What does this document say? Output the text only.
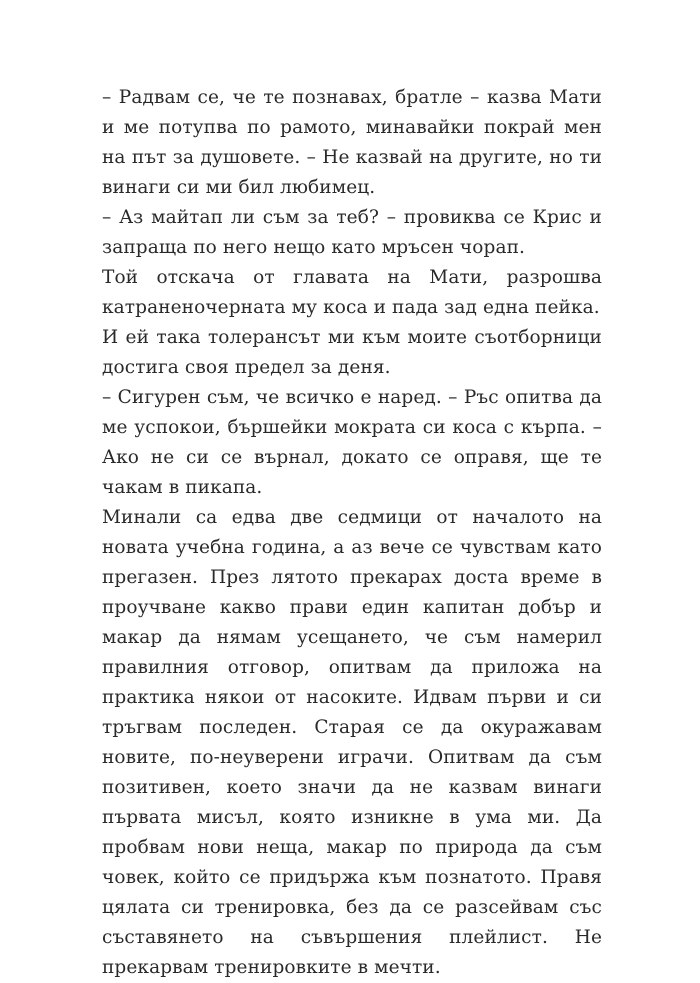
– Радвам се, че те познавах, братле – казва Мати и ме потупва по рамото, минавайки покрай мен на път за душовете. – Не казвай на другите, но ти винаги си ми бил любимец.

– Аз майтап ли съм за теб? – провиква се Крис и запраща по него нещо като мръсен чорап.

Той отскача от главата на Мати, разрошва катраненочерната му коса и пада зад една пейка.

И ей така толерансът ми към моите съотборници достига своя предел за деня.

– Сигурен съм, че всичко е наред. – Ръс опитва да ме успокои, бършейки мократа си коса с кърпа. – Ако не си се върнал, докато се оправя, ще те чакам в пикапа.

Минали са едва две седмици от началото на новата учебна година, а аз вече се чувствам като прегазен. През лятото прекарах доста време в проучване какво прави един капитан добър и макар да нямам усещането, че съм намерил правилния отговор, опитвам да приложа на практика някои от насоките. Идвам първи и си тръгвам последен. Старая се да окуражавам новите, по-неуверени играчи. Опитвам да съм позитивен, което значи да не казвам винаги първата мисъл, която изникне в ума ми. Да пробвам нови неща, макар по природа да съм човек, който се придържа към познатото. Правя цялата си тренировка, без да се разсейвам със съставянето на съвършения плейлист. Не прекарвам тренировките в мечти.
